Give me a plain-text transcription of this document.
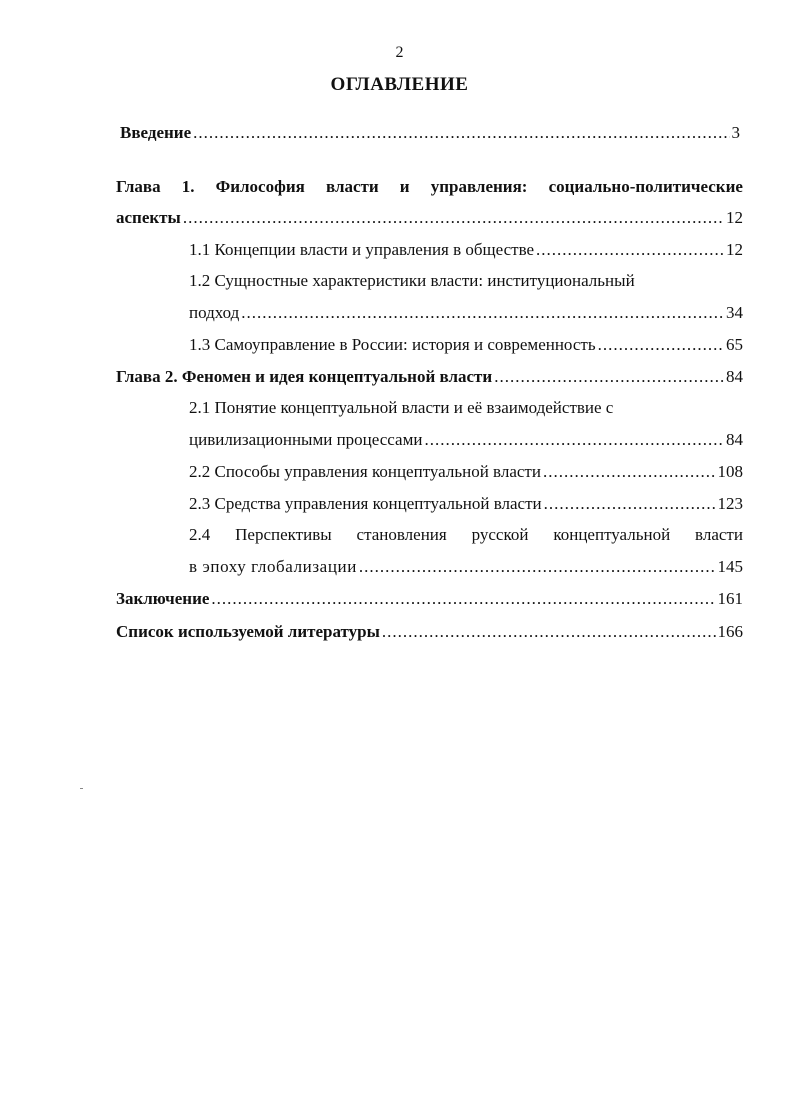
2
ОГЛАВЛЕНИЕ
Введение .....	3
Глава 1. Философия власти и управления: социально-политические
аспекты .....	12
1.1 Концепции власти и управления в обществе .....	12
1.2 Сущностные характеристики власти: институциональный
подход .....	34
1.3 Самоуправление в России: история и современность .....	65
Глава 2. Феномен и идея концептуальной власти .....	84
2.1 Понятие концептуальной власти и её взаимодействие с
цивилизационными процессами .....	84
2.2 Способы управления концептуальной власти .....	108
2.3 Средства управления концептуальной власти .....	123
2.4 Перспективы становления русской концептуальной власти
в эпоху глобализации .....	145
Заключение .....	161
Список используемой литературы .....	166
